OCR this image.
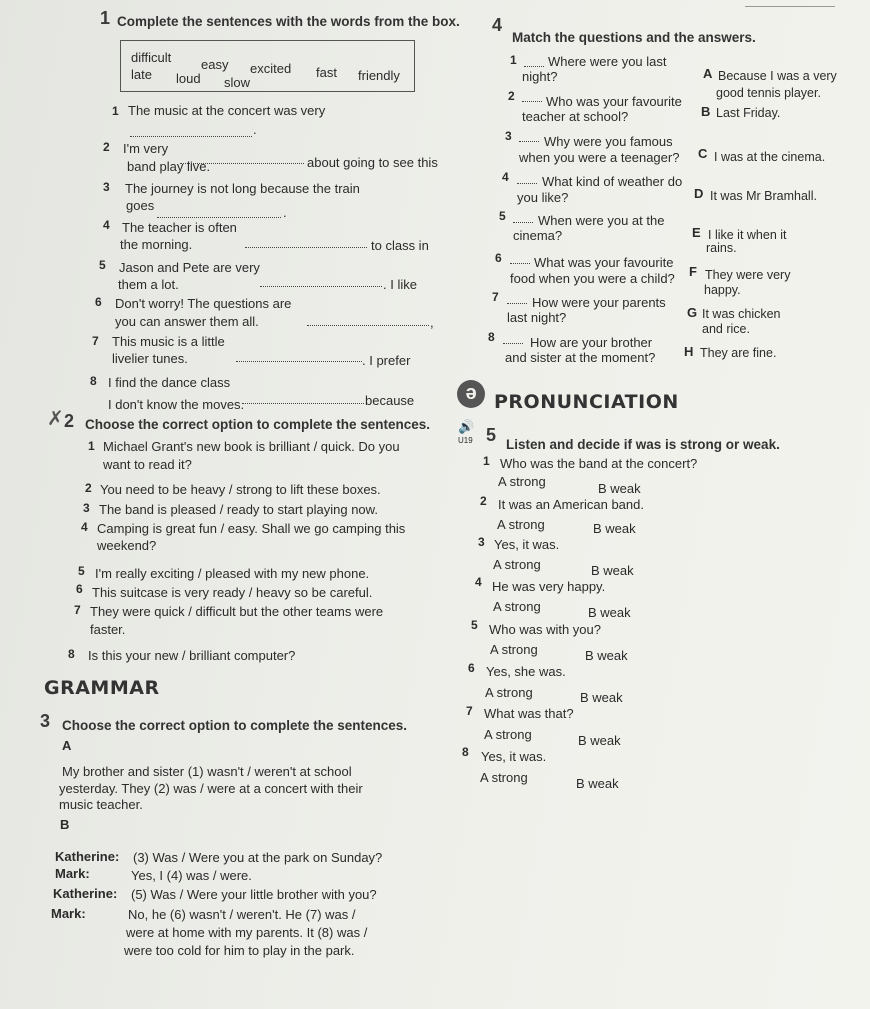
1 Complete the sentences with the words from the box.
difficult easy excited fast friendly
late loud slow
1 The music at the concert was very
.
2 I'm very
about going to see this
band play live.
3 The journey is not long because the train
goes	.
4 The teacher is often
to class in
the morning.
5 Jason and Pete are very
. I like
them a lot.
6 Don't worry! The questions are
,
you can answer them all.
7 This music is a little
. I prefer
livelier tunes.
8 I find the dance class
because
I don't know the moves.
✗ 2 Choose the correct option to complete the sentences.
1 Michael Grant's new book is brilliant / quick. Do you
want to read it?
2 You need to be heavy / strong to lift these boxes.
3 The band is pleased / ready to start playing now.
4 Camping is great fun / easy. Shall we go camping this
weekend?
5 I'm really exciting / pleased with my new phone.
6 This suitcase is very ready / heavy so be careful.
7 They were quick / difficult but the other teams were
faster.
8 Is this your new / brilliant computer?
GRAMMAR
3 Choose the correct option to complete the sentences.
A
My brother and sister (1) wasn't / weren't at school
yesterday. They (2) was / were at a concert with their
music teacher.
B
Katherine: (3) Was / Were you at the park on Sunday?
Mark:	Yes, I (4) was / were.
Katherine: (5) Was / Were your little brother with you?
Mark:	No, he (6) wasn't / weren't. He (7) was /
were at home with my parents. It (8) was /
were too cold for him to play in the park.
4
Match the questions and the answers.
1 Where were you last
night?
2 Who was your favourite
teacher at school?
3 Why were you famous
when you were a teenager?
4	What kind of weather do
you like?
5 When were you at the
cinema?
6 What was your favourite
food when you were a child?
7	How were your parents
last night?
8	How are your brother
and sister at the moment?
A Because I was a very
good tennis player.
B Last Friday.
C I was at the cinema.
D It was Mr Bramhall.
E I like it when it
rains.
F They were very
happy.
G It was chicken
and rice.
H They are fine.
ə PRONUNCIATION
🔊
U19 5 Listen and decide if was is strong or weak.
1 Who was the band at the concert?
A strong	B weak
2 It was an American band.
A strong	B weak
3 Yes, it was.
A strong	B weak
4 He was very happy.
A strong	B weak
5 Who was with you?
A strong	B weak
6 Yes, she was.
A strong	B weak
7 What was that?
A strong	B weak
8 Yes, it was.
A strong	B weak
